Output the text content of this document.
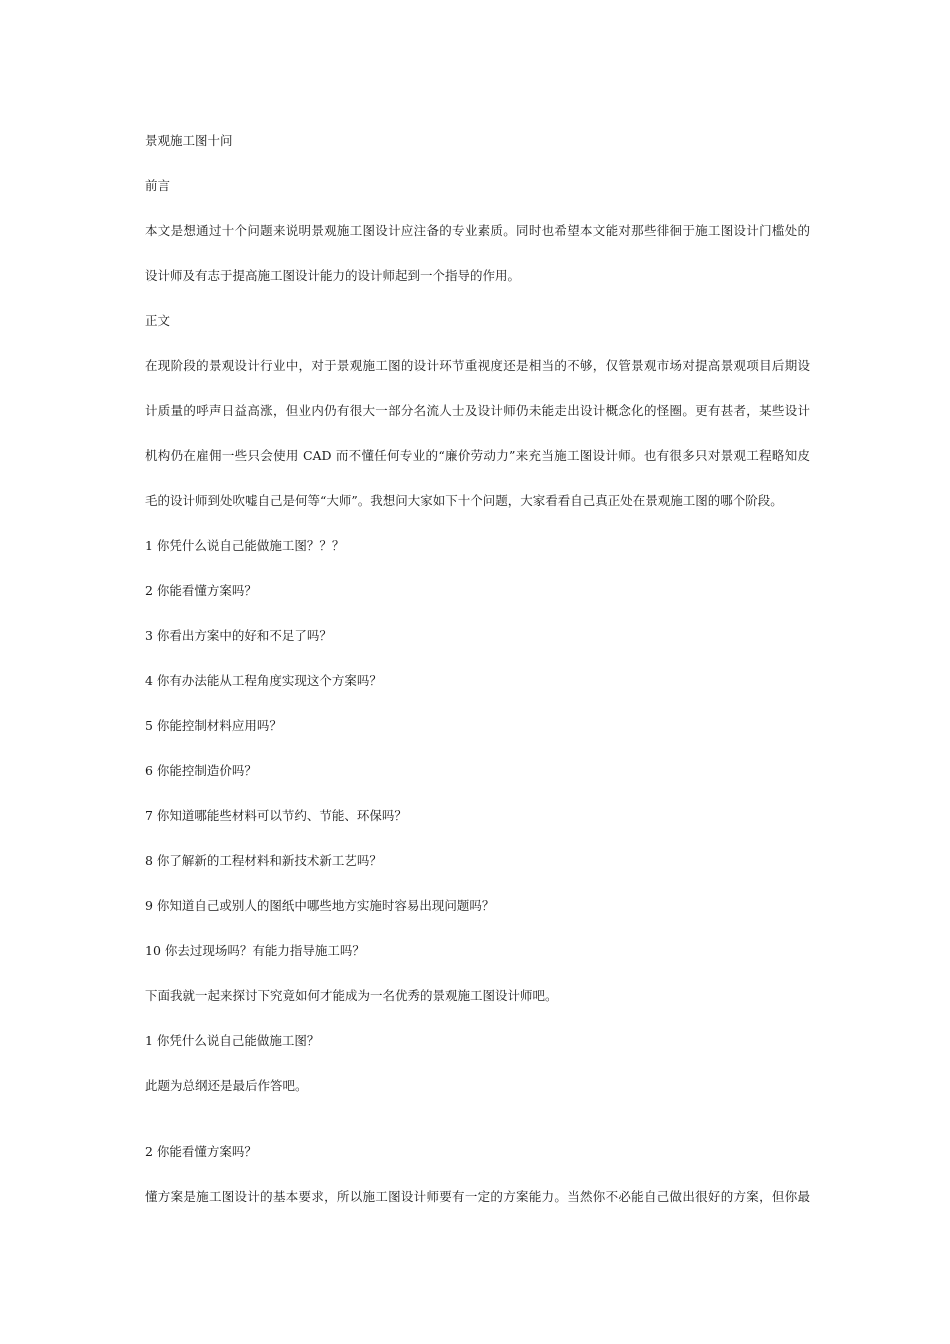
景观施工图十问
前言
本文是想通过十个问题来说明景观施工图设计应注备的专业素质。同时也希望本文能对那些徘徊于施工图设计门槛处的
设计师及有志于提高施工图设计能力的设计师起到一个指导的作用。
正文
在现阶段的景观设计行业中，对于景观施工图的设计环节重视度还是相当的不够，仅管景观市场对提高景观项目后期设
计质量的呼声日益高涨，但业内仍有很大一部分名流人士及设计师仍未能走出设计概念化的怪圈。更有甚者，某些设计
机构仍在雇佣一些只会使用 CAD 而不懂任何专业的“廉价劳动力”来充当施工图设计师。也有很多只对景观工程略知皮
毛的设计师到处吹嘘自己是何等“大师”。我想问大家如下十个问题，大家看看自己真正处在景观施工图的哪个阶段。
1 你凭什么说自己能做施工图？？？
2 你能看懂方案吗？
3 你看出方案中的好和不足了吗？
4 你有办法能从工程角度实现这个方案吗？
5 你能控制材料应用吗？
6 你能控制造价吗？
7 你知道哪能些材料可以节约、节能、环保吗？
8 你了解新的工程材料和新技术新工艺吗？
9 你知道自己或别人的图纸中哪些地方实施时容易出现问题吗？
10 你去过现场吗？有能力指导施工吗？
下面我就一起来探讨下究竟如何才能成为一名优秀的景观施工图设计师吧。
1 你凭什么说自己能做施工图？
此题为总纲还是最后作答吧。
2 你能看懂方案吗？
懂方案是施工图设计的基本要求，所以施工图设计师要有一定的方案能力。当然你不必能自己做出很好的方案，但你最
